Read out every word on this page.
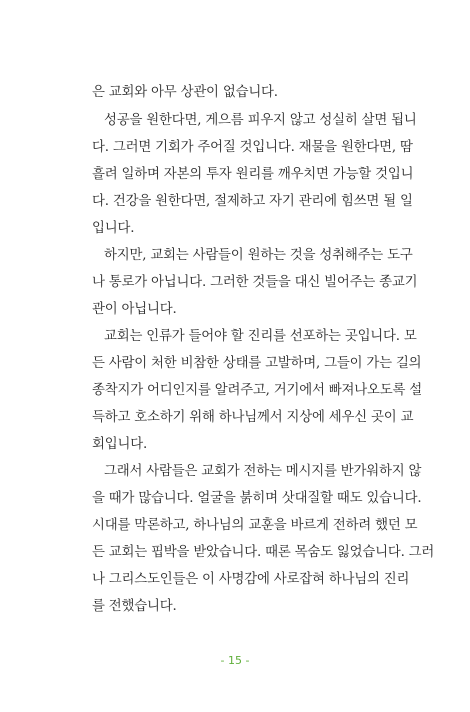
은 교회와 아무 상관이 없습니다.
성공을 원한다면, 게으름 피우지 않고 성실히 살면 됩니
다. 그러면 기회가 주어질 것입니다. 재물을 원한다면, 땀
흘려 일하며 자본의 투자 원리를 깨우치면 가능할 것입니
다. 건강을 원한다면, 절제하고 자기 관리에 힘쓰면 될 일
입니다.
하지만, 교회는 사람들이 원하는 것을 성취해주는 도구
나 통로가 아닙니다. 그러한 것들을 대신 빌어주는 종교기
관이 아닙니다.
교회는 인류가 들어야 할 진리를 선포하는 곳입니다. 모
든 사람이 처한 비참한 상태를 고발하며, 그들이 가는 길의
종착지가 어디인지를 알려주고, 거기에서 빠져나오도록 설
득하고 호소하기 위해 하나님께서 지상에 세우신 곳이 교
회입니다.
그래서 사람들은 교회가 전하는 메시지를 반가워하지 않
을 때가 많습니다. 얼굴을 붉히며 삿대질할 때도 있습니다.
시대를 막론하고, 하나님의 교훈을 바르게 전하려 했던 모
든 교회는 핍박을 받았습니다. 때론 목숨도 잃었습니다. 그러
나 그리스도인들은 이 사명감에 사로잡혀 하나님의 진리
를 전했습니다.
- 15 -
